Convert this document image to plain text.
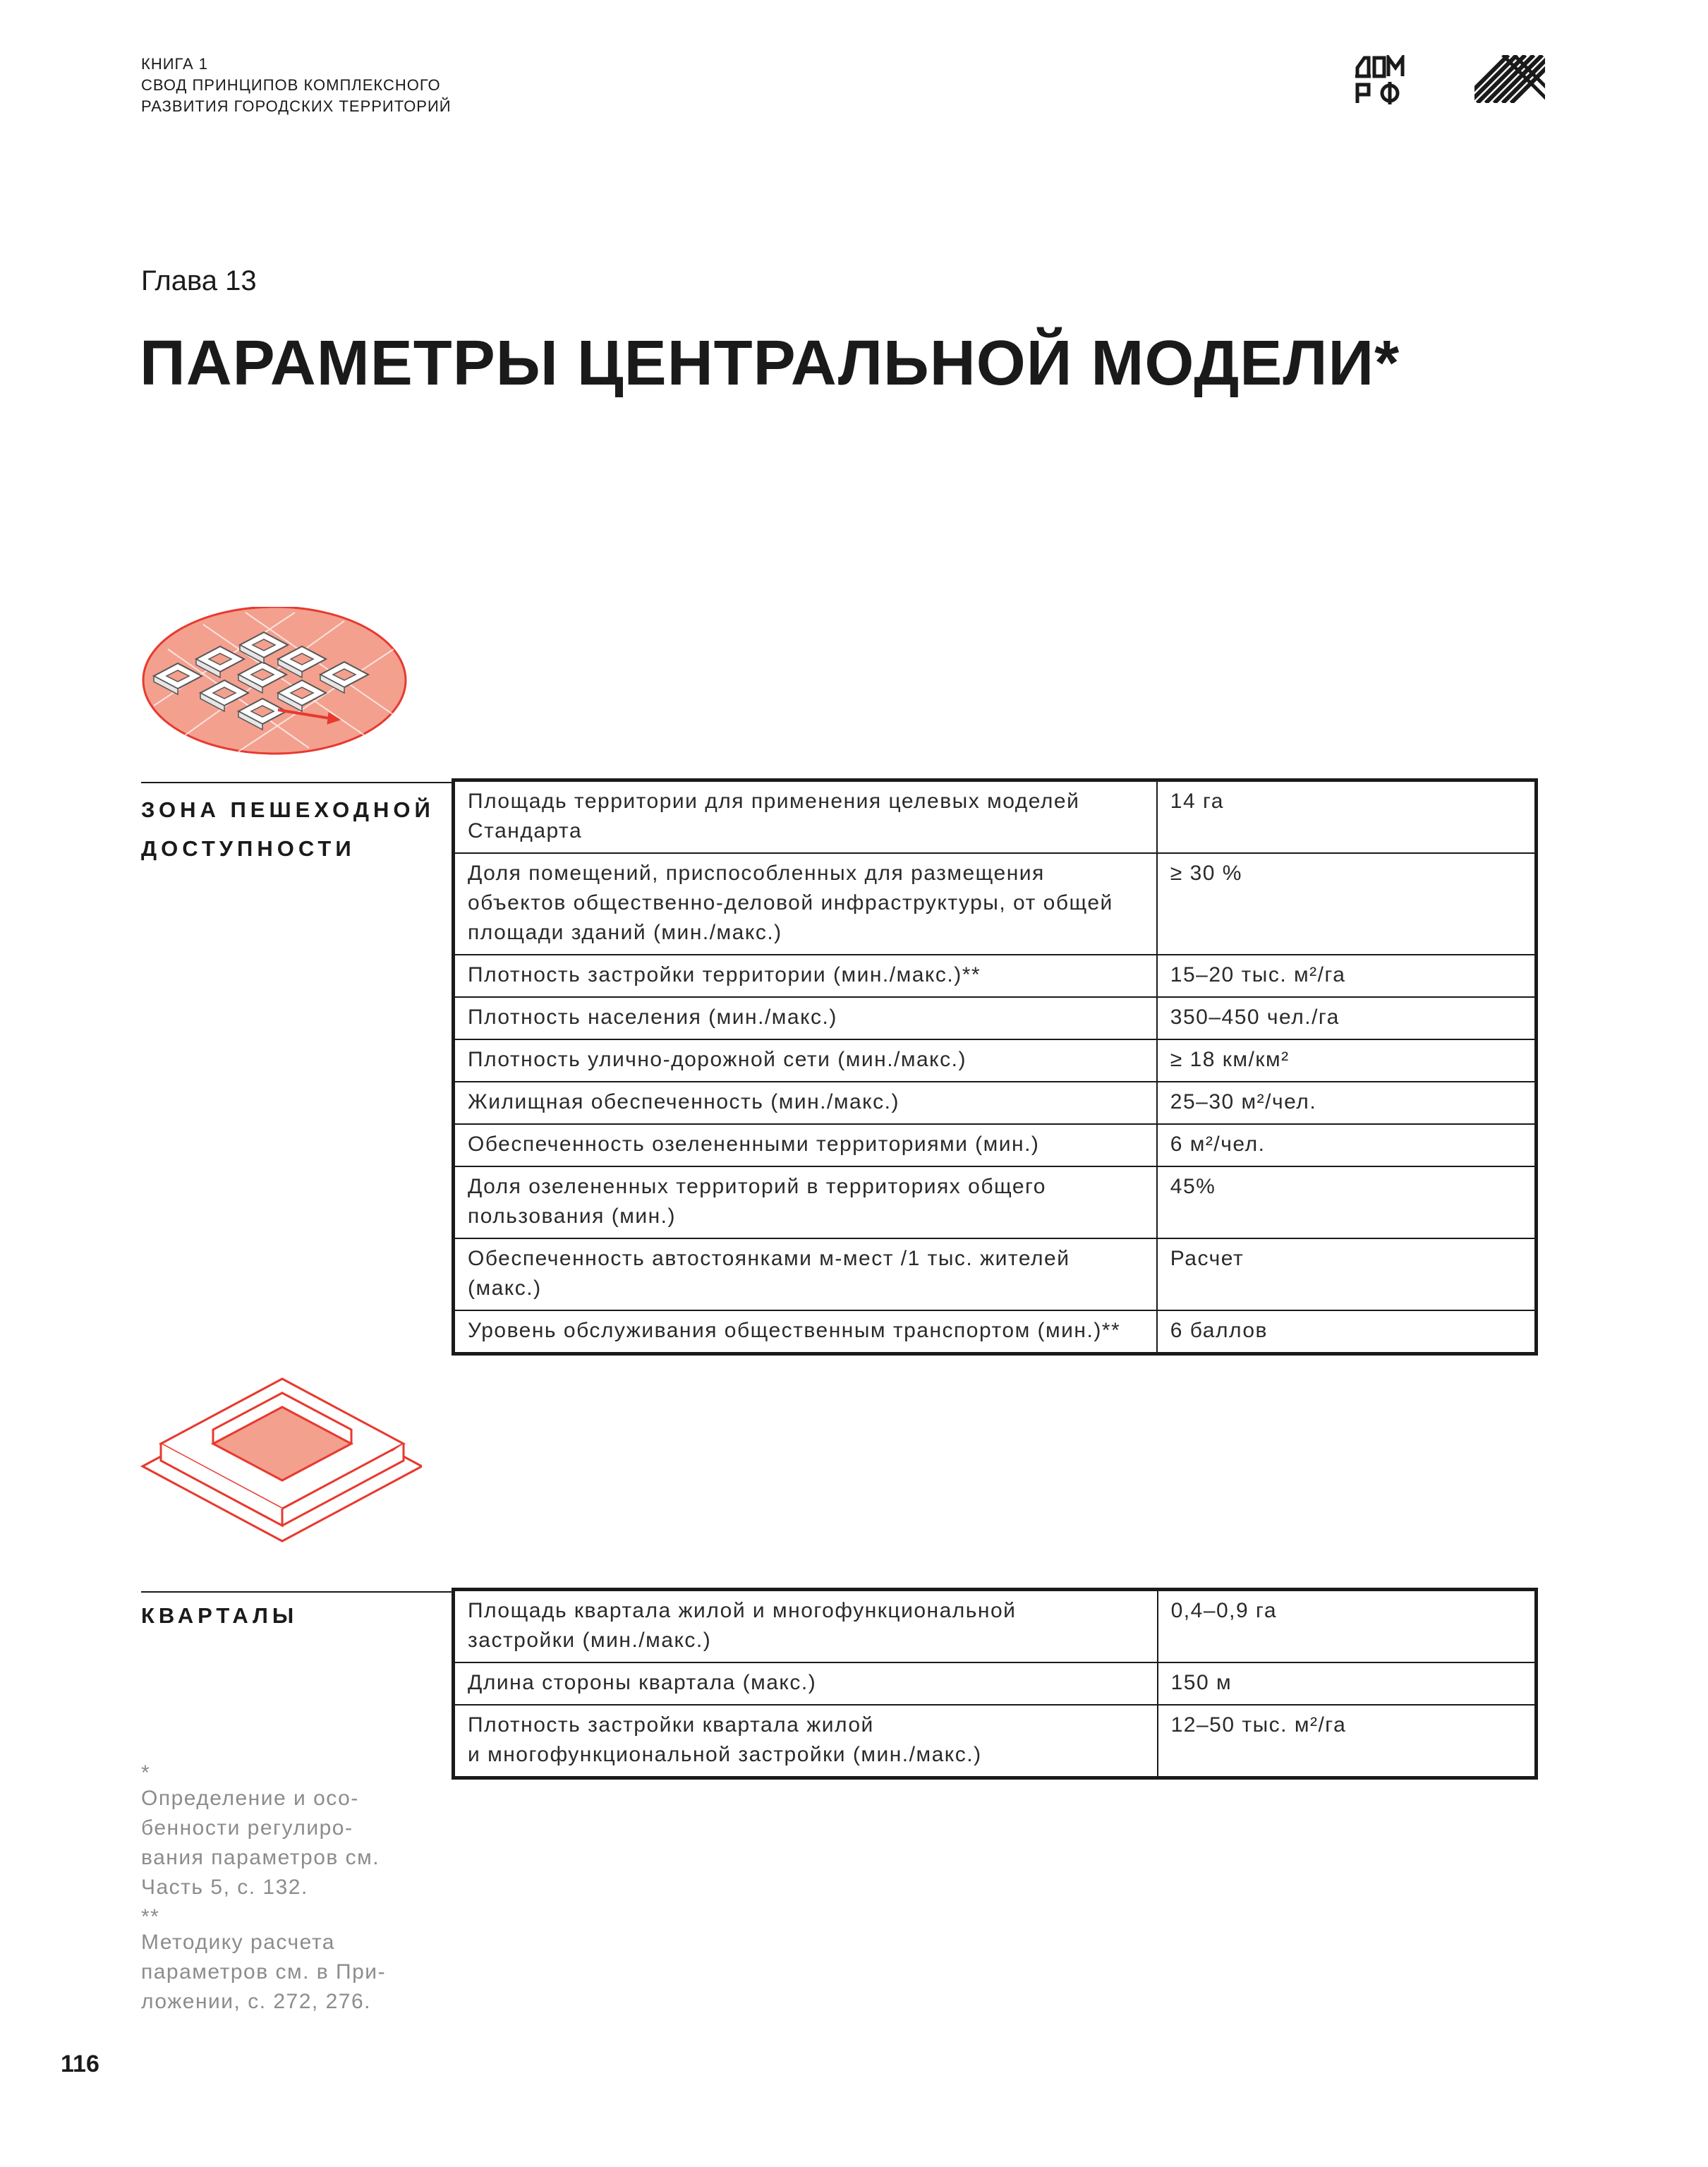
КНИГА 1
СВОД ПРИНЦИПОВ КОМПЛЕКСНОГО
РАЗВИТИЯ ГОРОДСКИХ ТЕРРИТОРИЙ
Глава 13
ПАРАМЕТРЫ ЦЕНТРАЛЬНОЙ МОДЕЛИ*
ЗОНА ПЕШЕХОДНОЙ
ДОСТУПНОСТИ
Площадь территории для применения целевых моделей
Стандарта	14 га

Доля помещений, приспособленных для размещения
объектов общественно-деловой инфраструктуры, от общей
площади зданий (мин./макс.)	≥ 30 %

Плотность застройки территории (мин./макс.)**	15–20 тыс. м²/га

Плотность населения (мин./макс.)	350–450 чел./га

Плотность улично-дорожной сети (мин./макс.)	≥ 18 км/км²

Жилищная обеспеченность (мин./макс.)	25–30 м²/чел.

Обеспеченность озелененными территориями (мин.)	6 м²/чел.

Доля озелененных территорий в территориях общего
пользования (мин.)	45%

Обеспеченность автостоянками м-мест /1 тыс. жителей
(макс.)	Расчет

Уровень обслуживания общественным транспортом (мин.)**	6 баллов
КВАРТАЛЫ	Площадь квартала жилой и многофункциональной
застройки (мин./макс.)	0,4–0,9 га

Длина стороны квартала (макс.)	150 м

Плотность застройки квартала жилой
и многофункциональной застройки (мин./макс.)	12–50 тыс. м²/га
*
Определение и осо-
бенности регулиро-
вания параметров см.
Часть 5, с. 132.
**
Методику расчета
параметров см. в При-
ложении, с. 272, 276.
116
